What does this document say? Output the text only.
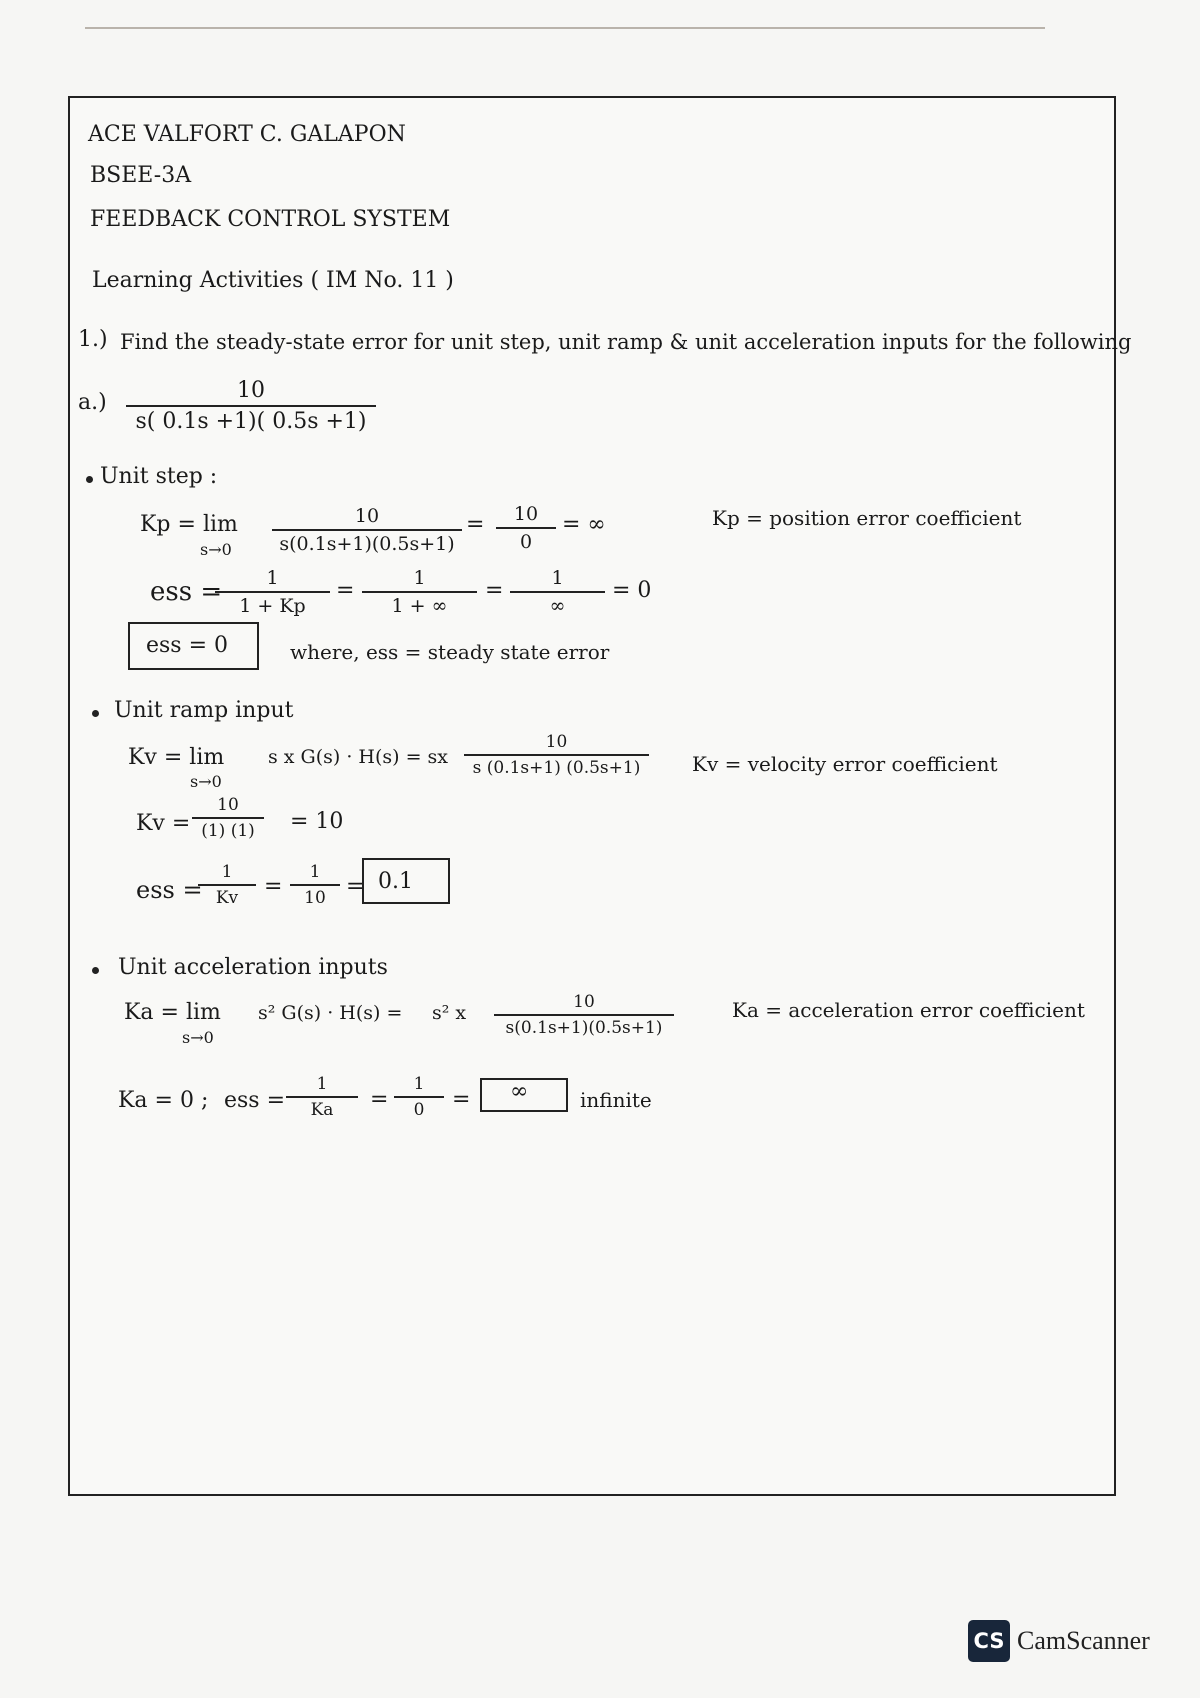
ACE VALFORT C. GALAPON
BSEE-3A
FEEDBACK CONTROL SYSTEM
Learning Activities ( IM No. 11 )
1.) Find the steady-state error for unit step, unit ramp & unit acceleration inputs for the following
$a.) \frac{10}{s( 0.1s +1)( 0.5s +1)}$
Unit step :
Kp = lim
$s\to 0 \frac{10}{s(0.1s+1)(0.5s+1)} = \frac{10}{0}$ = ∞	Kp = position error coefficient
ess =
$\frac{1}{1 + Kp} = \frac{1}{1 + \infty}$ =	1
∞
= 0
ess = 0	where, ess = steady state error
Unit ramp input
Kv = lim
s→0
s x G(s) · H(s) = sx $\frac{10}{s (0.1s+1) (0.5s+1)}$ Kv = velocity error coefficient
$Kv = \frac{10}{(1) (1)} = 10$
ess =
$\frac{1}{Kv} = \frac{1}{10} = 0.1$
Unit acceleration inputs
Ka = lim
s→0
s² G(s) · H(s) = s² x $\frac{10}{s(0.1s+1)(0.5s+1)}$	Ka = acceleration error coefficient
Ka = 0 ; ess = $\frac{1}{Ka} = \frac{1}{0}$ = ∞	infinite
CS CamScanner
